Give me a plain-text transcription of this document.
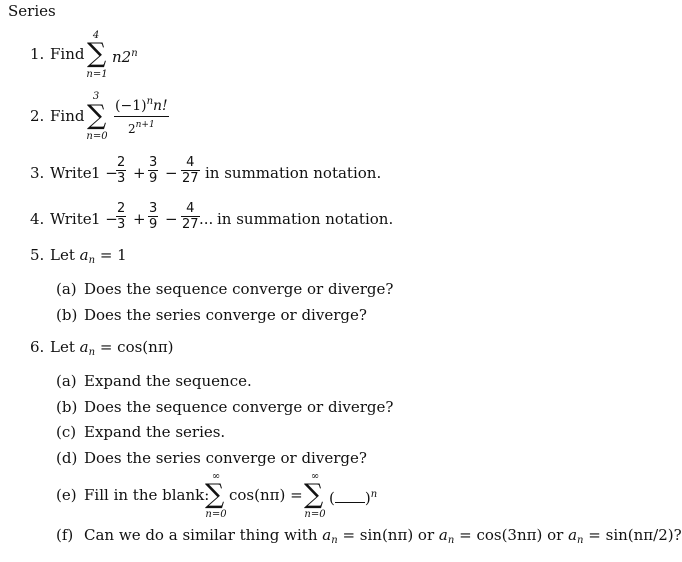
Series
1. Find
4
∑
n=1
n2$^n$
2. Find
3
∑
$n=0 \frac{(-1)^nn!}{2^{n+1}}$
3. Write 1 −
$\frac{2}{3} + \frac{3}{9} - \frac{4}{27}$ in summation notation.
4. Write 1 −
$\frac{2}{3} + \frac{3}{9} - \frac{4}{27}$ ... in summation notation.
5. Let $a_n = 1$
(a) Does the sequence converge or diverge?
(b) Does the series converge or diverge?
6. Let $a_n = \cos(n\pi)$
(a) Expand the sequence.
(b) Does the sequence converge or diverge?
(c) Expand the series.
(d) Does the series converge or diverge?
(e) Fill in the blank:
∞
∑
n=0
cos(nπ) =
∞
∑
n=0
( )$^n$
(f) Can we do a similar thing with $a_n = \sin(n\pi)$ or $a_n = \cos(3n\pi)$ or $a_n = \sin(n\pi/2)$?
